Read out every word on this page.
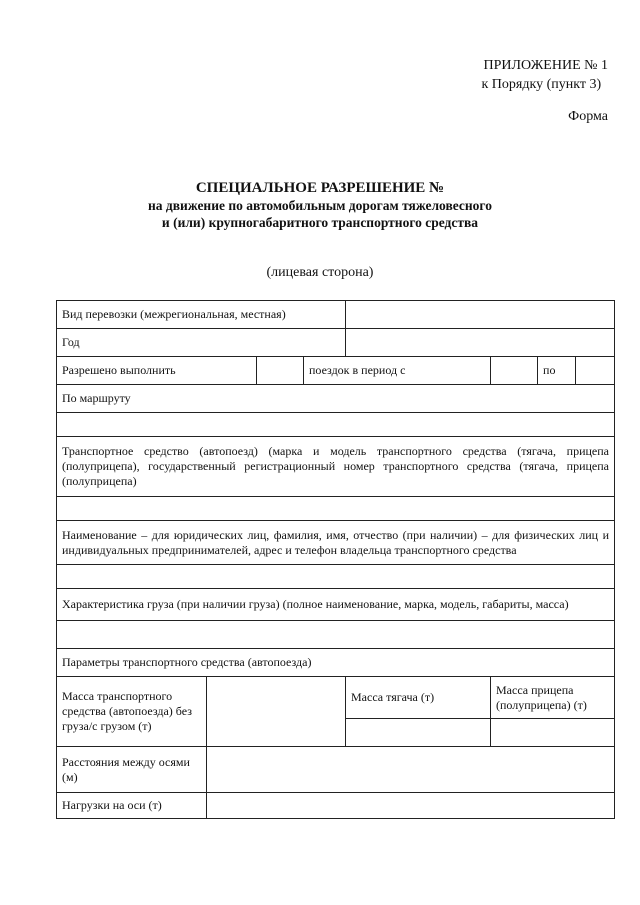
ПРИЛОЖЕНИЕ № 1
к Порядку (пункт 3)
Форма
СПЕЦИАЛЬНОЕ РАЗРЕШЕНИЕ №
на движение по автомобильным дорогам тяжеловесного
и (или) крупногабаритного транспортного средства
(лицевая сторона)
Вид перевозки (межрегиональная, местная)							
Год							
Разрешено выполнить			поездок в период с			по	
По маршруту							

Транспортное средство (автопоезд) (марка и модель транспортного средства (тягача, прицепа (полуприцепа), государственный регистрационный номер транспортного средства (тягача, прицепа (полуприцепа)							

Наименование – для юридических лиц, фамилия, имя, отчество (при наличии) – для физических лиц и индивидуальных предпринимателей, адрес и телефон владельца транспортного средства							

Характеристика груза (при наличии груза) (полное наименование, марка, модель, габариты, масса)							

Параметры транспортного средства (автопоезда)							
Масса транспортного средства (автопоезда) без груза/с грузом (т)				Масса тягача (т)	Масса прицепа (полуприцепа) (т)		

Расстояния между осями (м)							
Нагрузки на оси (т)							
